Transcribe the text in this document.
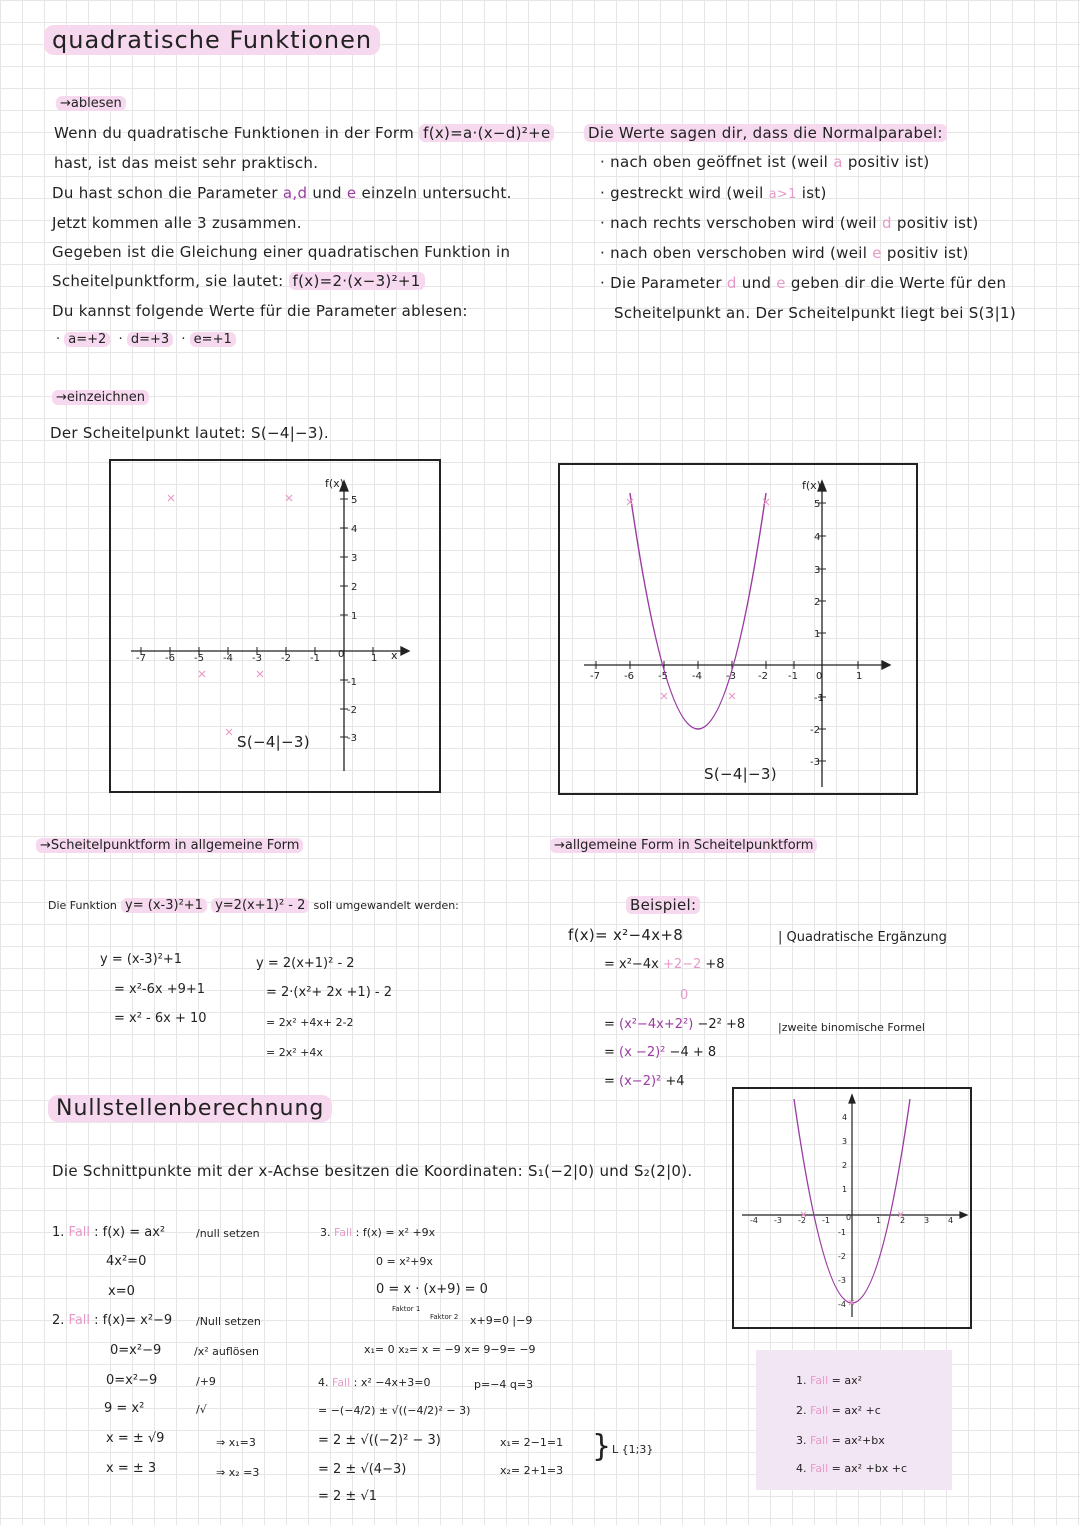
quadratische Funktionen
→ablesen
Wenn du quadratische Funktionen in der Form f(x)=a·(x−d)²+e
hast, ist das meist sehr praktisch.
Du hast schon die Parameter a,d und e einzeln untersucht.
Jetzt kommen alle 3 zusammen.
Gegeben ist die Gleichung einer quadratischen Funktion in
Scheitelpunktform, sie lautet: f(x)=2·(x−3)²+1
Du kannst folgende Werte für die Parameter ablesen:
· a=+2  · d=+3  · e=+1
Die Werte sagen dir, dass die Normalparabel:
· nach oben geöffnet ist (weil a positiv ist)
· gestreckt wird (weil a>1 ist)
· nach rechts verschoben wird (weil d positiv ist)
· nach oben verschoben wird (weil e positiv ist)
· Die Parameter d und e geben dir die Werte für den
Scheitelpunkt an. Der Scheitelpunkt liegt bei S(3|1)
→einzeichnen
Der Scheitelpunkt lautet: S(−4|−3).
-7 -6 -5 -4 -3 -2 -1 0	1
5
4
3
2
1
-1
-2
-3
f(x)
x
S(−4|−3)
-7 -6 -5 -4 -3 -2 -1 0	1
5
4
3
2
1
-1
-2
-3
f(x)
S(−4|−3)
→Scheitelpunktform in allgemeine Form
Die Funktion y= (x-3)²+1 y=2(x+1)² - 2 soll umgewandelt werden:
y = (x-3)²+1
= x²-6x +9+1
= x² - 6x + 10
y = 2(x+1)² - 2
= 2·(x²+ 2x +1) - 2
= 2x² +4x+ 2-2
= 2x² +4x
→allgemeine Form in Scheitelpunktform
Beispiel:
f(x)= x²−4x+8	| Quadratische Ergänzung
= x²−4x +2−2 +8
0
= (x²−4x+2²) −2² +8	|zweite binomische Formel
= (x −2)² −4 + 8
= (x−2)² +4
Nullstellenberechnung
Die Schnittpunkte mit der x-Achse besitzen die Koordinaten: S₁(−2|0) und S₂(2|0).
-4 -3 -2 -1 0	1 2 3 4
4
3
2
1
-1
-2
-3
-4
1. Fall : f(x) = ax²	/null setzen
4x²=0
x=0
2. Fall : f(x)= x²−9 /Null setzen
0=x²−9	/x² auflösen
0=x²−9	/+9
9 = x²	/√
x = ± √9	⇒ x₁=3
x = ± 3	⇒ x₂ =3
3. Fall : f(x) = x² +9x
0 = x²+9x
0 = x · (x+9) = 0
Faktor 1
Faktor 2 x+9=0 |−9
x₁= 0 x₂= x = −9 x= 9−9= −9
4. Fall : x² −4x+3=0	p=−4 q=3
= −(−4/2) ± √((−4/2)² − 3)
= 2 ± √((−2)² − 3)
= 2 ± √(4−3)
= 2 ± √1
x₁= 2−1=1
x₂= 2+1=3
} L {1;3}
1. Fall = ax²
2. Fall = ax² +c
3. Fall = ax²+bx
4. Fall = ax² +bx +c
